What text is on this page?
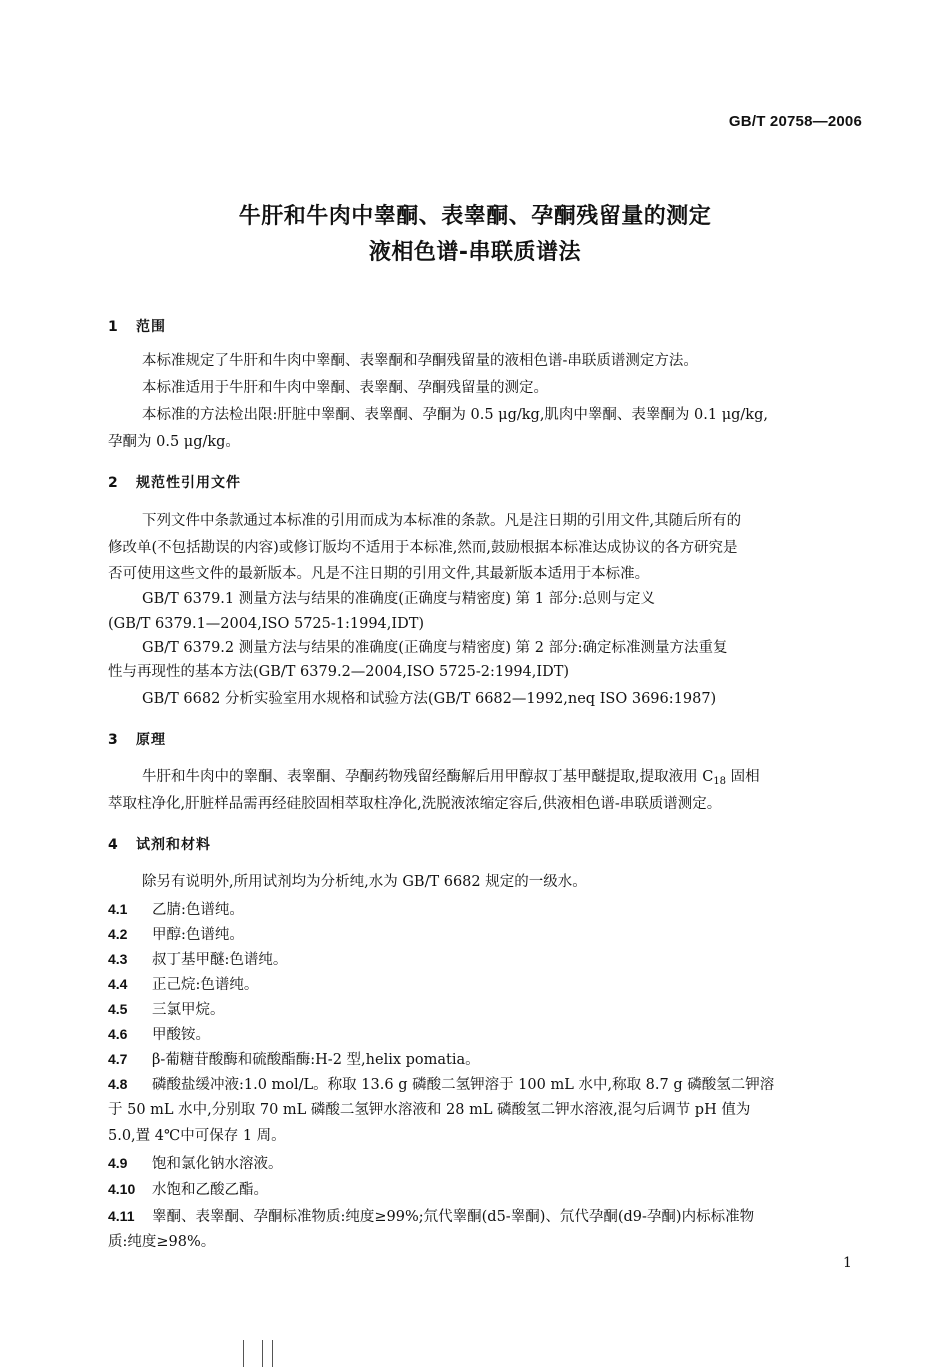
GB/T 20758—2006
牛肝和牛肉中睾酮、表睾酮、孕酮残留量的测定
液相色谱-串联质谱法
1 范围
本标准规定了牛肝和牛肉中睾酮、表睾酮和孕酮残留量的液相色谱-串联质谱测定方法。
本标准适用于牛肝和牛肉中睾酮、表睾酮、孕酮残留量的测定。
本标准的方法检出限:肝脏中睾酮、表睾酮、孕酮为 0.5 μg/kg,肌肉中睾酮、表睾酮为 0.1 μg/kg,
孕酮为 0.5 μg/kg。
2 规范性引用文件
下列文件中条款通过本标准的引用而成为本标准的条款。凡是注日期的引用文件,其随后所有的
修改单(不包括勘误的内容)或修订版均不适用于本标准,然而,鼓励根据本标准达成协议的各方研究是
否可使用这些文件的最新版本。凡是不注日期的引用文件,其最新版本适用于本标准。
GB/T 6379.1 测量方法与结果的准确度(正确度与精密度) 第 1 部分:总则与定义
(GB/T 6379.1—2004,ISO 5725-1:1994,IDT)
GB/T 6379.2 测量方法与结果的准确度(正确度与精密度) 第 2 部分:确定标准测量方法重复
性与再现性的基本方法(GB/T 6379.2—2004,ISO 5725-2:1994,IDT)
GB/T 6682 分析实验室用水规格和试验方法(GB/T 6682—1992,neq ISO 3696:1987)
3 原理
牛肝和牛肉中的睾酮、表睾酮、孕酮药物残留经酶解后用甲醇叔丁基甲醚提取,提取液用 $C_{18}$ 固相
萃取柱净化,肝脏样品需再经硅胶固相萃取柱净化,洗脱液浓缩定容后,供液相色谱-串联质谱测定。
4 试剂和材料
除另有说明外,所用试剂均为分析纯,水为 GB/T 6682 规定的一级水。
4.1 乙腈:色谱纯。
4.2 甲醇:色谱纯。
4.3 叔丁基甲醚:色谱纯。
4.4 正己烷:色谱纯。
4.5 三氯甲烷。
4.6 甲酸铵。
4.7 β-葡糖苷酸酶和硫酸酯酶:H-2 型,helix pomatia。
4.8 磷酸盐缓冲液:1.0 mol/L。称取 13.6 g 磷酸二氢钾溶于 100 mL 水中,称取 8.7 g 磷酸氢二钾溶
于 50 mL 水中,分别取 70 mL 磷酸二氢钾水溶液和 28 mL 磷酸氢二钾水溶液,混匀后调节 pH 值为
5.0,置 4℃中可保存 1 周。
4.9 饱和氯化钠水溶液。
4.10 水饱和乙酸乙酯。
4.11 睾酮、表睾酮、孕酮标准物质:纯度≥99%;氘代睾酮(d5-睾酮)、氘代孕酮(d9-孕酮)内标标准物
质:纯度≥98%。
1
